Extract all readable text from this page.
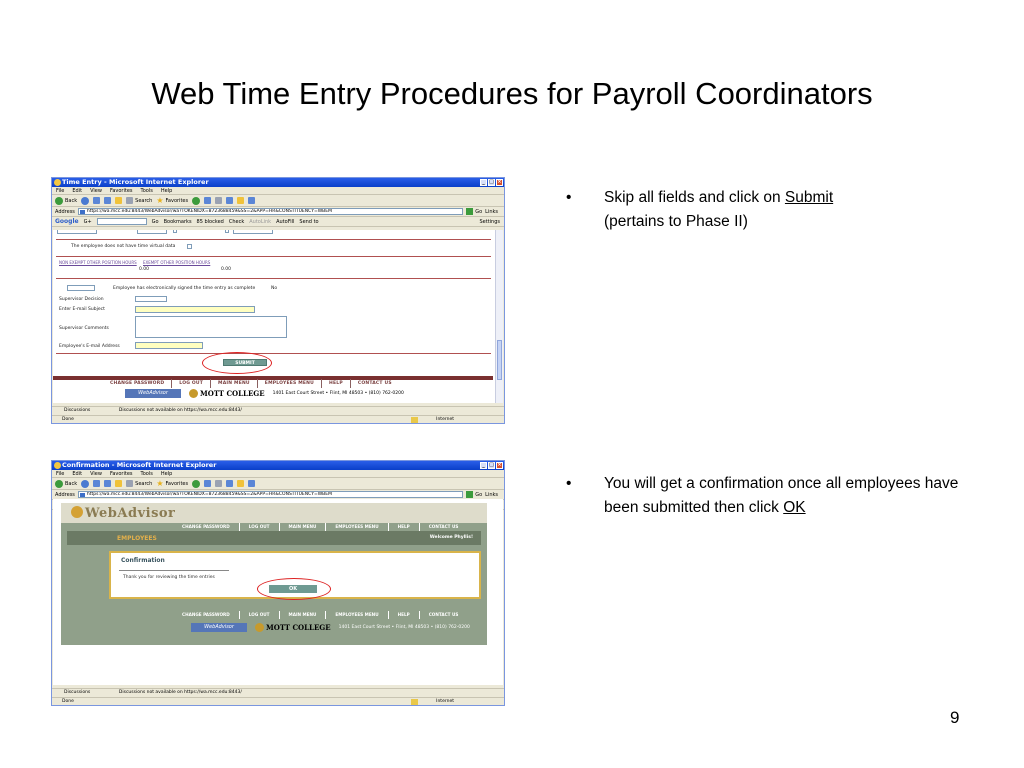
Web Time Entry Procedures for Payroll Coordinators
Time Entry - Microsoft Internet Explorer	_ □ ×
File Edit View Favorites Tools Help
Back	Search ★ Favorites
Address	https://wa.mcc.edu:8443/WebAdvisor/wa?TOKENIDX=8723688459&SS=2&APP=HR&CONSTITUENCY=WBEM	Go Links
Google G+	Go Bookmarks 85 blocked Check AutoLink AutoFill Send to	Settings
The employee does not have time virtual data
NON EXEMPT OTHER POSITION HOURS EXEMPT OTHER POSITION HOURS
0.00	0.00
Employee has electronically signed the time entry as complete	No
Supervisor Decision
Enter E-mail Subject
Supervisor Comments
Employee's E-mail Address
SUBMIT
CHANGE PASSWORD	LOG OUT	MAIN MENU	EMPLOYEES MENU	HELP	CONTACT US
WebAdvisor	MOTT COLLEGE 1401 East Court Street • Flint, MI 48503 • (810) 762-0200
Discussions	Discussions not available on https://wa.mcc.edu:8443/
Done	Internet
Confirmation - Microsoft Internet Explorer	_ □ ×
File Edit View Favorites Tools Help
Back	Search ★ Favorites
Address	https://wa.mcc.edu:8443/WebAdvisor/wa?TOKENIDX=8723688459&SS=2&APP=HR&CONSTITUENCY=WBEM	Go Links
WebAdvisor
CHANGE PASSWORD	LOG OUT	MAIN MENU	EMPLOYEES MENU	HELP	CONTACT US
EMPLOYEES	Welcome Phyllis!
Confirmation
Thank you for reviewing the time entries
OK
CHANGE PASSWORD	LOG OUT	MAIN MENU	EMPLOYEES MENU	HELP	CONTACT US
WebAdvisor	MOTT COLLEGE 1401 East Court Street • Flint, MI 48503 • (810) 762-0200
Discussions	Discussions not available on https://wa.mcc.edu:8443/
Done	Internet
• Skip all fields and click on Submit
(pertains to Phase II)
• You will get a confirmation once all employees have been submitted then click OK
9
